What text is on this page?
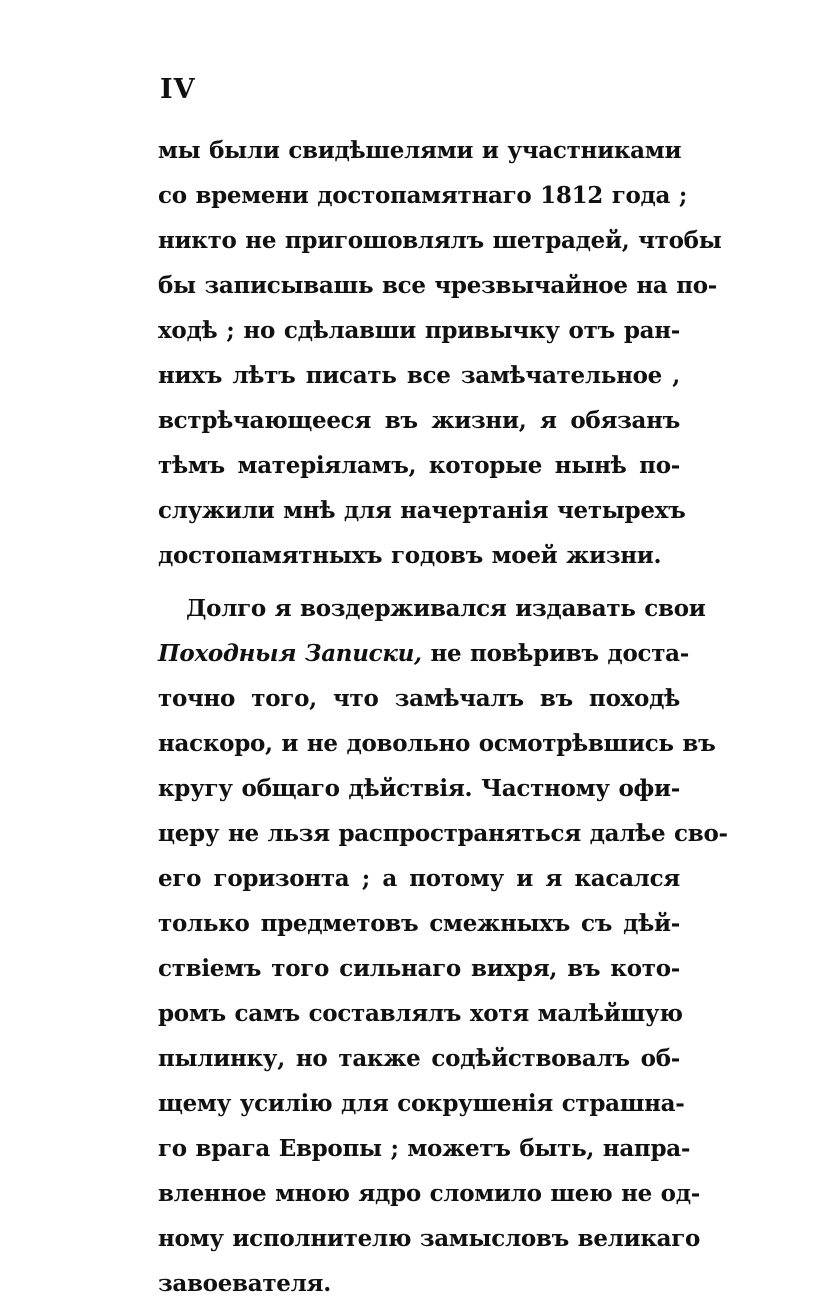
IV
мы были свидѣшелями и участниками
со времени достопамятнаго 1812 года ;
никто не пригошовлялъ шетрадей, чтобы
бы записывашь все чрезвычайное на по-
ходѣ ; но сдѣлавши привычку отъ ран-
нихъ лѣтъ писать все замѣчательное ,
встрѣчающееся въ жизни, я обязанъ
тѣмъ матеріяламъ, которые нынѣ по-
служили мнѣ для начертанія четырехъ
достопамятныхъ годовъ моей жизни.
Долго я воздерживался издавать свои
Походныя Записки, не повѣривъ доста-
точно того, что замѣчалъ въ походѣ
наскоро, и не довольно осмотрѣвшись въ
кругу общаго дѣйствія. Частному офи-
церу не льзя распространяться далѣе сво-
его горизонта ; а потому и я касался
только предметовъ смежныхъ съ дѣй-
ствіемъ того сильнаго вихря, въ кото-
ромъ самъ составлялъ хотя малѣйшую
пылинку, но также содѣйствовалъ об-
щему усилію для сокрушенія страшна-
го врага Европы ; можетъ быть, напра-
вленное мною ядро сломило шею не од-
ному исполнителю замысловъ великаго
завоевателя.
